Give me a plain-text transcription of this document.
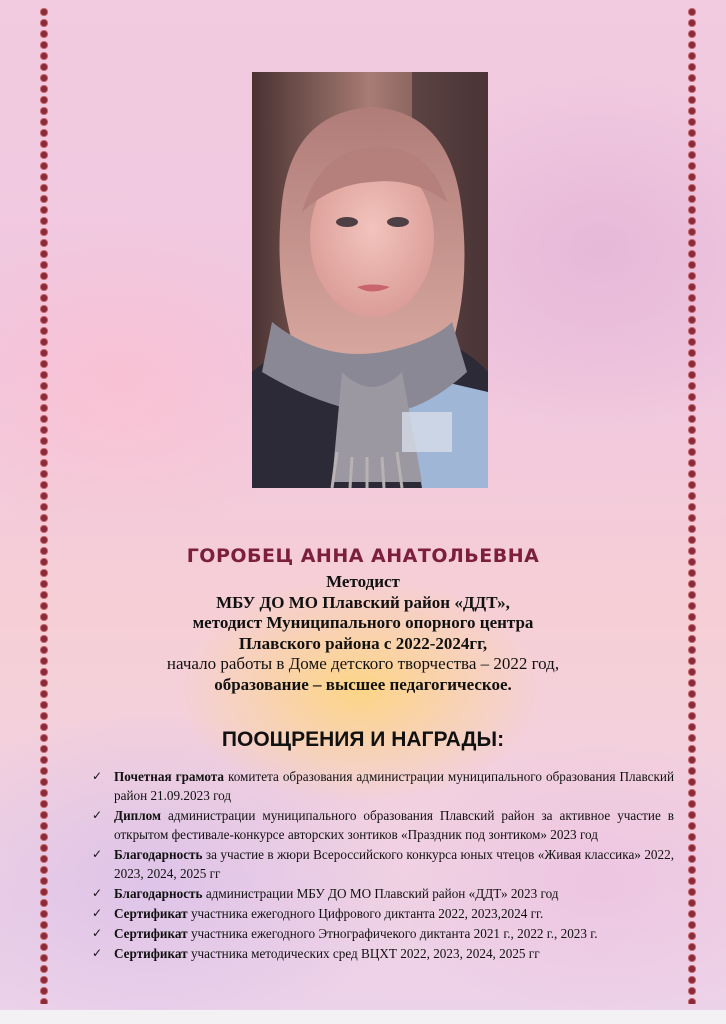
ГОРОБЕЦ АННА АНАТОЛЬЕВНА
Методист
МБУ ДО МО Плавский район «ДДТ»,
методист Муниципального опорного центра
Плавского района с 2022-2024гг,
начало работы в Доме детского творчества – 2022 год,
образование – высшее педагогическое.
ПООЩРЕНИЯ И НАГРАДЫ:
✓ Почетная грамота комитета образования администрации муниципального образования Плавский район 21.09.2023 год
✓ Диплом администрации муниципального образования Плавский район за активное участие в открытом фестивале-конкурсе авторских зонтиков «Праздник под зонтиком» 2023 год
✓ Благодарность за участие в жюри Всероссийского конкурса юных чтецов «Живая классика» 2022, 2023, 2024, 2025 гг
✓ Благодарность администрации МБУ ДО МО Плавский район «ДДТ» 2023 год
✓ Сертификат участника ежегодного Цифрового диктанта 2022, 2023,2024 гг.
✓ Сертификат участника ежегодного Этнографичекого диктанта 2021 г., 2022 г., 2023 г.
✓ Сертификат участника методических сред ВЦХТ 2022, 2023, 2024, 2025 гг
